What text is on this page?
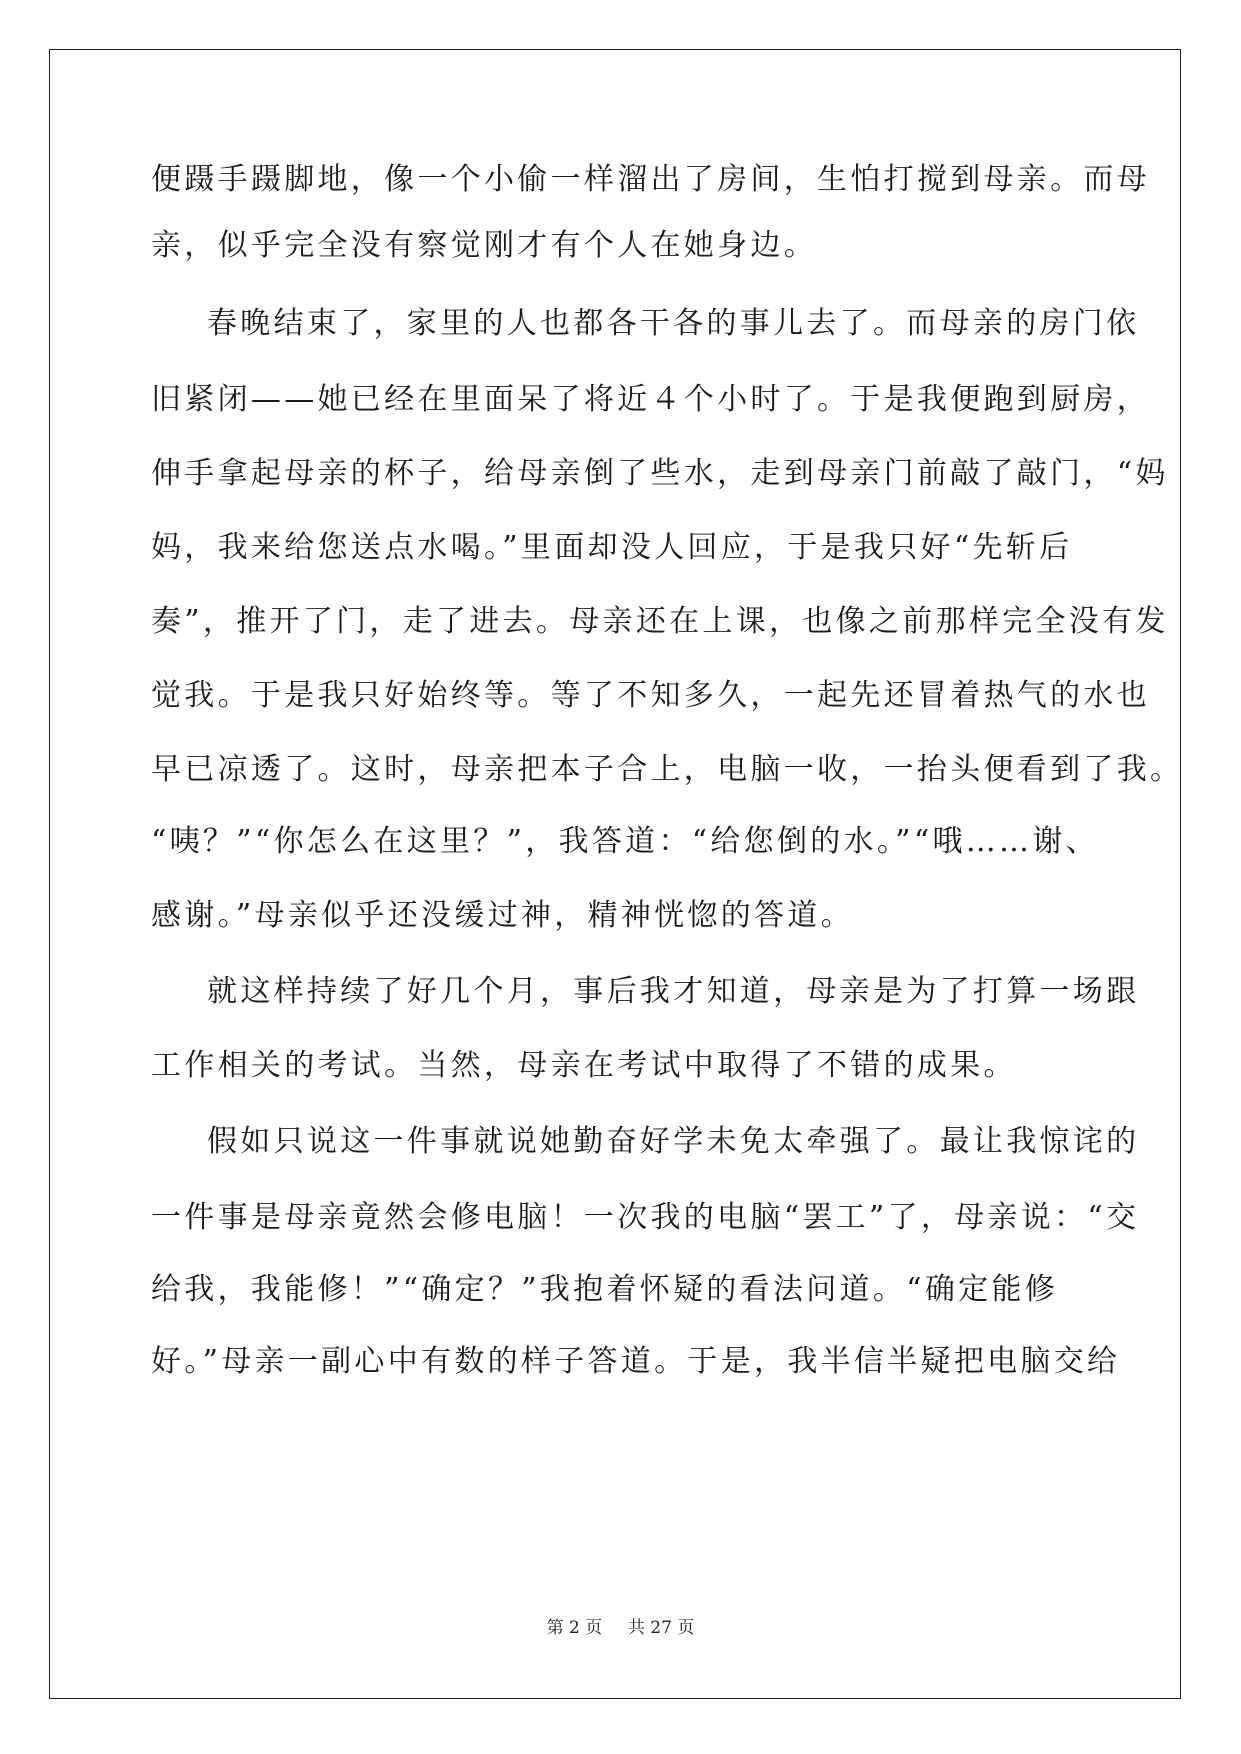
便蹑手蹑脚地，像一个小偷一样溜出了房间，生怕打搅到母亲。而母
亲，似乎完全没有察觉刚才有个人在她身边。
春晚结束了，家里的人也都各干各的事儿去了。而母亲的房门依
旧紧闭——她已经在里面呆了将近４个小时了。于是我便跑到厨房，
伸手拿起母亲的杯子，给母亲倒了些水，走到母亲门前敲了敲门，“妈
妈，我来给您送点水喝。”里面却没人回应，于是我只好“先斩后
奏”，推开了门，走了进去。母亲还在上课，也像之前那样完全没有发
觉我。于是我只好始终等。等了不知多久，一起先还冒着热气的水也
早已凉透了。这时，母亲把本子合上，电脑一收，一抬头便看到了我。
“咦？”“你怎么在这里？”，我答道：“给您倒的水。”“哦……谢、
感谢。”母亲似乎还没缓过神，精神恍惚的答道。
就这样持续了好几个月，事后我才知道，母亲是为了打算一场跟
工作相关的考试。当然，母亲在考试中取得了不错的成果。
假如只说这一件事就说她勤奋好学未免太牵强了。最让我惊诧的
一件事是母亲竟然会修电脑！一次我的电脑“罢工”了，母亲说：“交
给我，我能修！”“确定？”我抱着怀疑的看法问道。“确定能修
好。”母亲一副心中有数的样子答道。于是，我半信半疑把电脑交给
第 2 页 共 27 页
